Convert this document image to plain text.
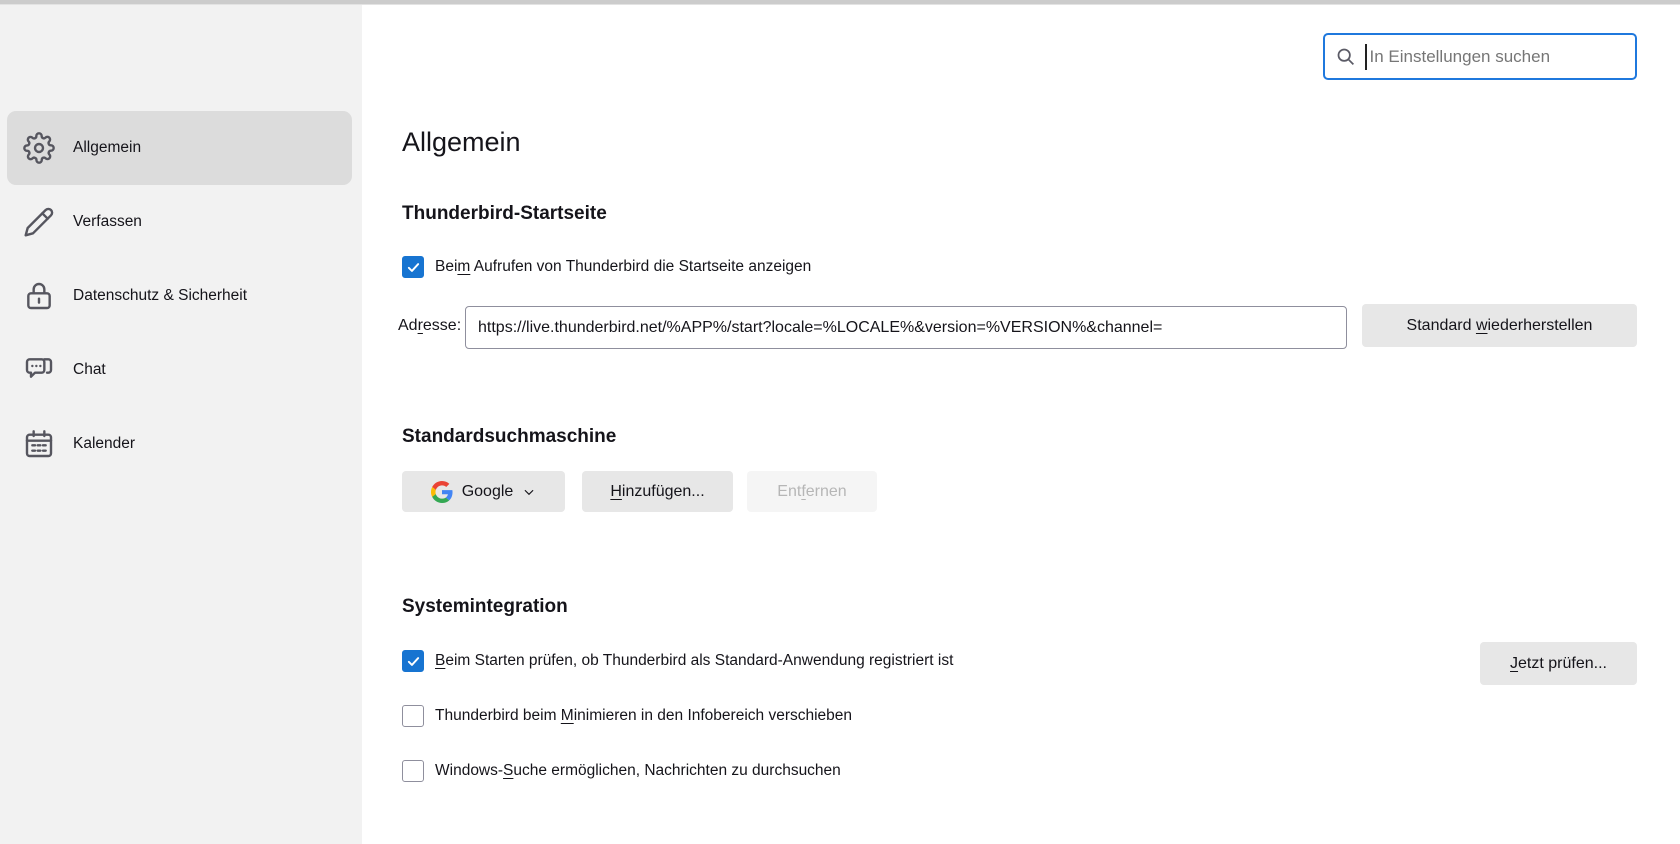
Allgemein
Verfassen
Datenschutz & Sicherheit
Chat
Kalender
In Einstellungen suchen
Allgemein
Thunderbird-Startseite
Beim Aufrufen von Thunderbird die Startseite anzeigen
Adresse:
https://live.thunderbird.net/%APP%/start?locale=%LOCALE%&version=%VERSION%&channel=	Standard wiederherstellen
Standardsuchmaschine
Google	Hinzufügen...	Entfernen
Systemintegration
Beim Starten prüfen, ob Thunderbird als Standard-Anwendung registriert ist	Jetzt prüfen...
Thunderbird beim Minimieren in den Infobereich verschieben
Windows-Suche ermöglichen, Nachrichten zu durchsuchen
